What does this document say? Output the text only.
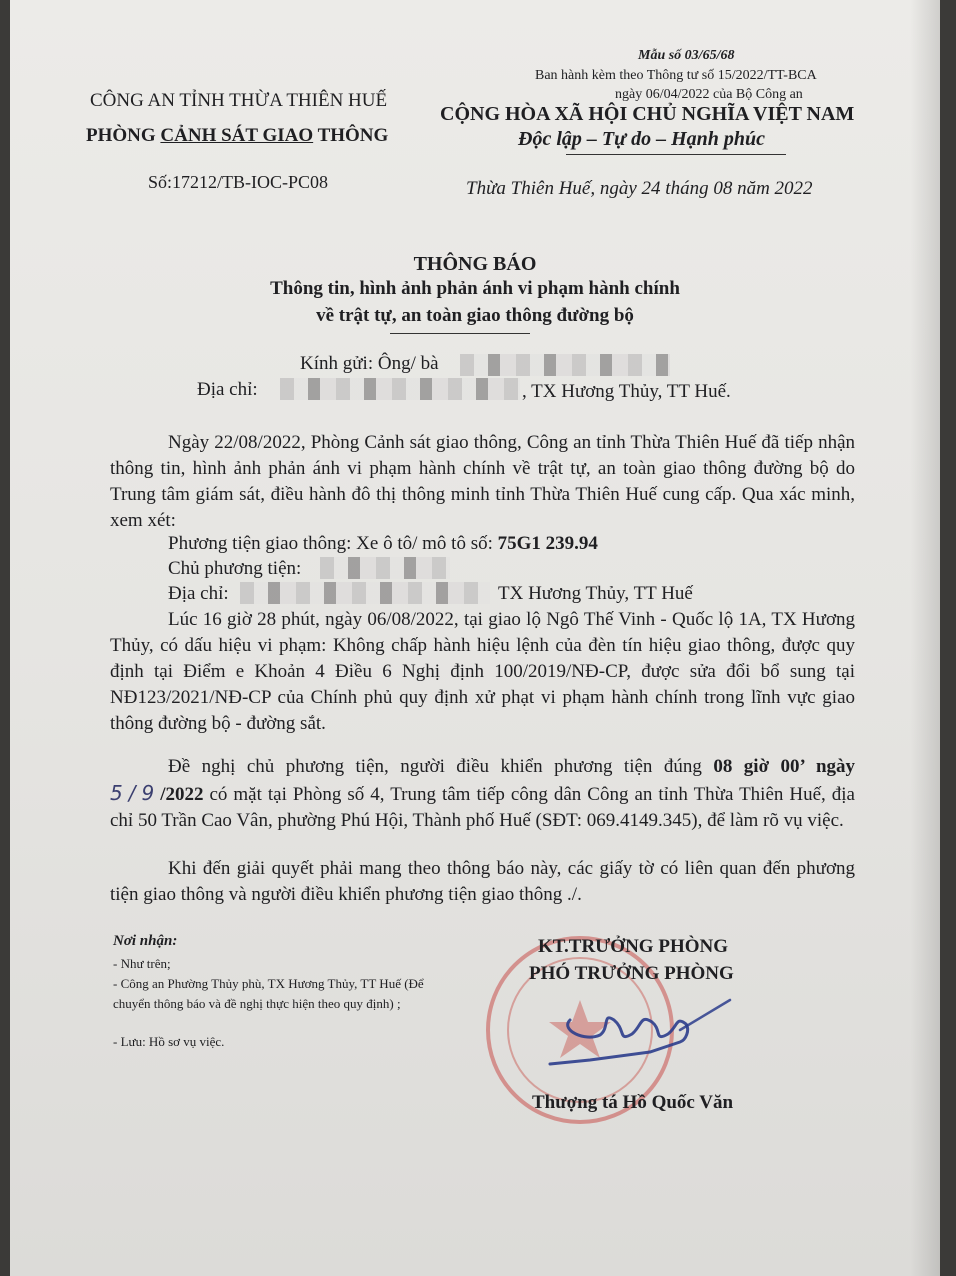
Mẫu số 03/65/68
Ban hành kèm theo Thông tư số 15/2022/TT-BCA
ngày 06/04/2022 của Bộ Công an
CÔNG AN TỈNH THỪA THIÊN HUẾ
PHÒNG CẢNH SÁT GIAO THÔNG
CỘNG HÒA XÃ HỘI CHỦ NGHĨA VIỆT NAM
Độc lập – Tự do – Hạnh phúc
Số:17212/TB-IOC-PC08	Thừa Thiên Huế, ngày 24 tháng 08 năm 2022
THÔNG BÁO
Thông tin, hình ảnh phản ánh vi phạm hành chính
về trật tự, an toàn giao thông đường bộ
Kính gửi: Ông/ bà
Địa chỉ:	, TX Hương Thủy, TT Huế.
Ngày 22/08/2022, Phòng Cảnh sát giao thông, Công an tỉnh Thừa Thiên Huế đã tiếp nhận thông tin, hình ảnh phản ánh vi phạm hành chính về trật tự, an toàn giao thông đường bộ do Trung tâm giám sát, điều hành đô thị thông minh tỉnh Thừa Thiên Huế cung cấp. Qua xác minh, xem xét:
Phương tiện giao thông: Xe ô tô/ mô tô số: 75G1 239.94
Chủ phương tiện:
Địa chỉ:	TX Hương Thủy, TT Huế
Lúc 16 giờ 28 phút, ngày 06/08/2022, tại giao lộ Ngô Thế Vinh - Quốc lộ 1A, TX Hương Thủy, có dấu hiệu vi phạm: Không chấp hành hiệu lệnh của đèn tín hiệu giao thông, được quy định tại Điểm e Khoản 4 Điều 6 Nghị định 100/2019/NĐ-CP, được sửa đổi bổ sung tại NĐ123/2021/NĐ-CP của Chính phủ quy định xử phạt vi phạm hành chính trong lĩnh vực giao thông đường bộ - đường sắt.
Đề nghị chủ phương tiện, người điều khiển phương tiện đúng 08 giờ 00’ ngày 5/9/2022 có mặt tại Phòng số 4, Trung tâm tiếp công dân Công an tỉnh Thừa Thiên Huế, địa chỉ 50 Trần Cao Vân, phường Phú Hội, Thành phố Huế (SĐT: 069.4149.345), để làm rõ vụ việc.
Khi đến giải quyết phải mang theo thông báo này, các giấy tờ có liên quan đến phương tiện giao thông và người điều khiển phương tiện giao thông ./.
Nơi nhận:
- Như trên;
- Công an Phường Thủy phù, TX Hương Thủy, TT Huế (Để chuyển thông báo và đề nghị thực hiện theo quy định) ;
- Lưu: Hồ sơ vụ việc.
KT.TRƯỞNG PHÒNG
PHÓ TRƯỞNG PHÒNG
Thượng tá Hồ Quốc Văn
